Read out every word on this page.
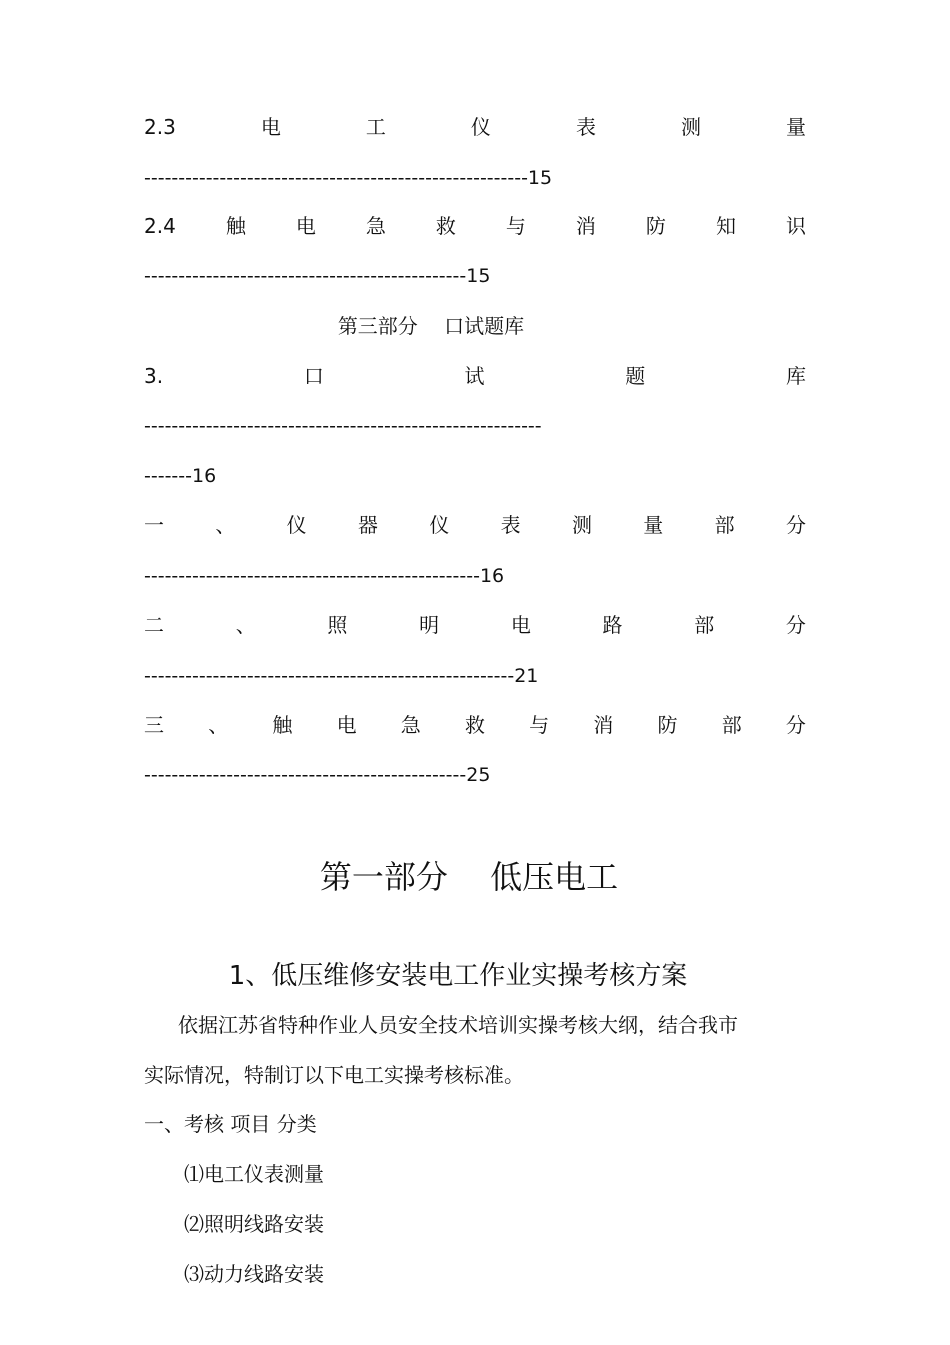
2.3	电	工	仪	表	测	量
--------------------------------------------------------15
2.4	触	电	急	救	与	消	防	知	识
-----------------------------------------------15
第三部分　 口试题库
3.	口	试	题	库
----------------------------------------------------------
-------16
一	、	仪	器	仪	表	测	量	部	分
-------------------------------------------------16
二	、	照	明	电	路	部	分
------------------------------------------------------21
三 、 触 电 急 救 与 消 防 部 分
-----------------------------------------------25
第一部分　 低压电工
1、低压维修安装电工作业实操考核方案
依据江苏省特种作业人员安全技术培训实操考核大纲，结合我市
实际情况，特制订以下电工实操考核标准。
一、考核 项目 分类
⑴电工仪表测量
⑵照明线路安装
⑶动力线路安装
